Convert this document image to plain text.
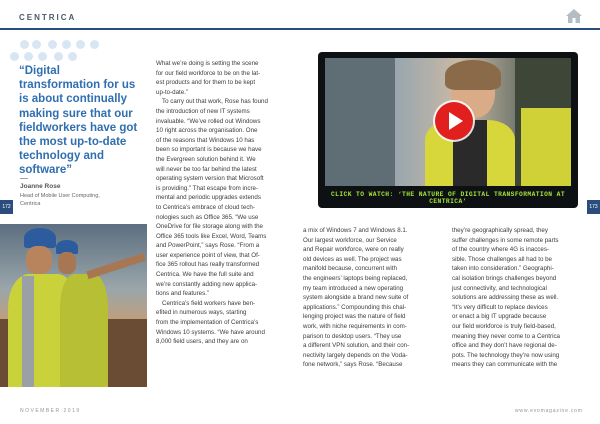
CENTRICA

“Digital transformation for us is about continually making sure that our fieldworkers have got the most up-to-date technology and software”

Joanne Rose
Head of Mobile User Computing, Centrica
What we’re doing is setting the scene
for our field workforce to be on the lat-
est products and for them to be kept
up-to-date.”
To carry out that work, Rose has found
the introduction of new IT systems
invaluable. “We’ve rolled out Windows
10 right across the organisation. One
of the reasons that Windows 10 has
been so important is because we have
the Evergreen solution behind it. We
will never be too far behind the latest
operating system version that Microsoft
is providing.” That escape from incre-
mental and periodic upgrades extends
to Centrica’s embrace of cloud tech-
nologies such as Office 365. “We use
OneDrive for file storage along with the
Office 365 tools like Excel, Word, Teams
and PowerPoint,” says Rose. “From a
user experience point of view, that Of-
fice 365 rollout has really transformed
Centrica. We have the full suite and
we’re constantly adding new applica-
tions and features.”
Centrica’s field workers have ben-
efited in numerous ways, starting
from the implementation of Centrica’s
Windows 10 systems. “We have around
8,000 field users, and they are on
CLICK TO WATCH: ‘THE NATURE OF DIGITAL TRANSFORMATION AT CENTRICA’
172	173
a mix of Windows 7 and Windows 8.1.
Our largest workforce, our Service
and Repair workforce, were on really
old devices as well. The project was
manifold because, concurrent with
the engineers’ laptops being replaced,
my team introduced a new operating
system alongside a brand new suite of
applications.” Compounding this chal-
lenging project was the nature of field
work, with niche requirements in com-
parison to desktop users. “They use
a different VPN solution, and their con-
nectivity largely depends on the Voda-
fone network,” says Rose. “Because
they’re geographically spread, they
suffer challenges in some remote parts
of the country where 4G is inacces-
sible. Those challenges all had to be
taken into consideration.” Geographi-
cal isolation brings challenges beyond
just connectivity, and technological
solutions are addressing these as well.
“It’s very difficult to replace devices
or enact a big IT upgrade because
our field workforce is truly field-based,
meaning they never come to a Centrica
office and they don’t have regional de-
pots. The technology they’re now using
means they can communicate with the
NOVEMBER 2019	www.evomagazine.com
